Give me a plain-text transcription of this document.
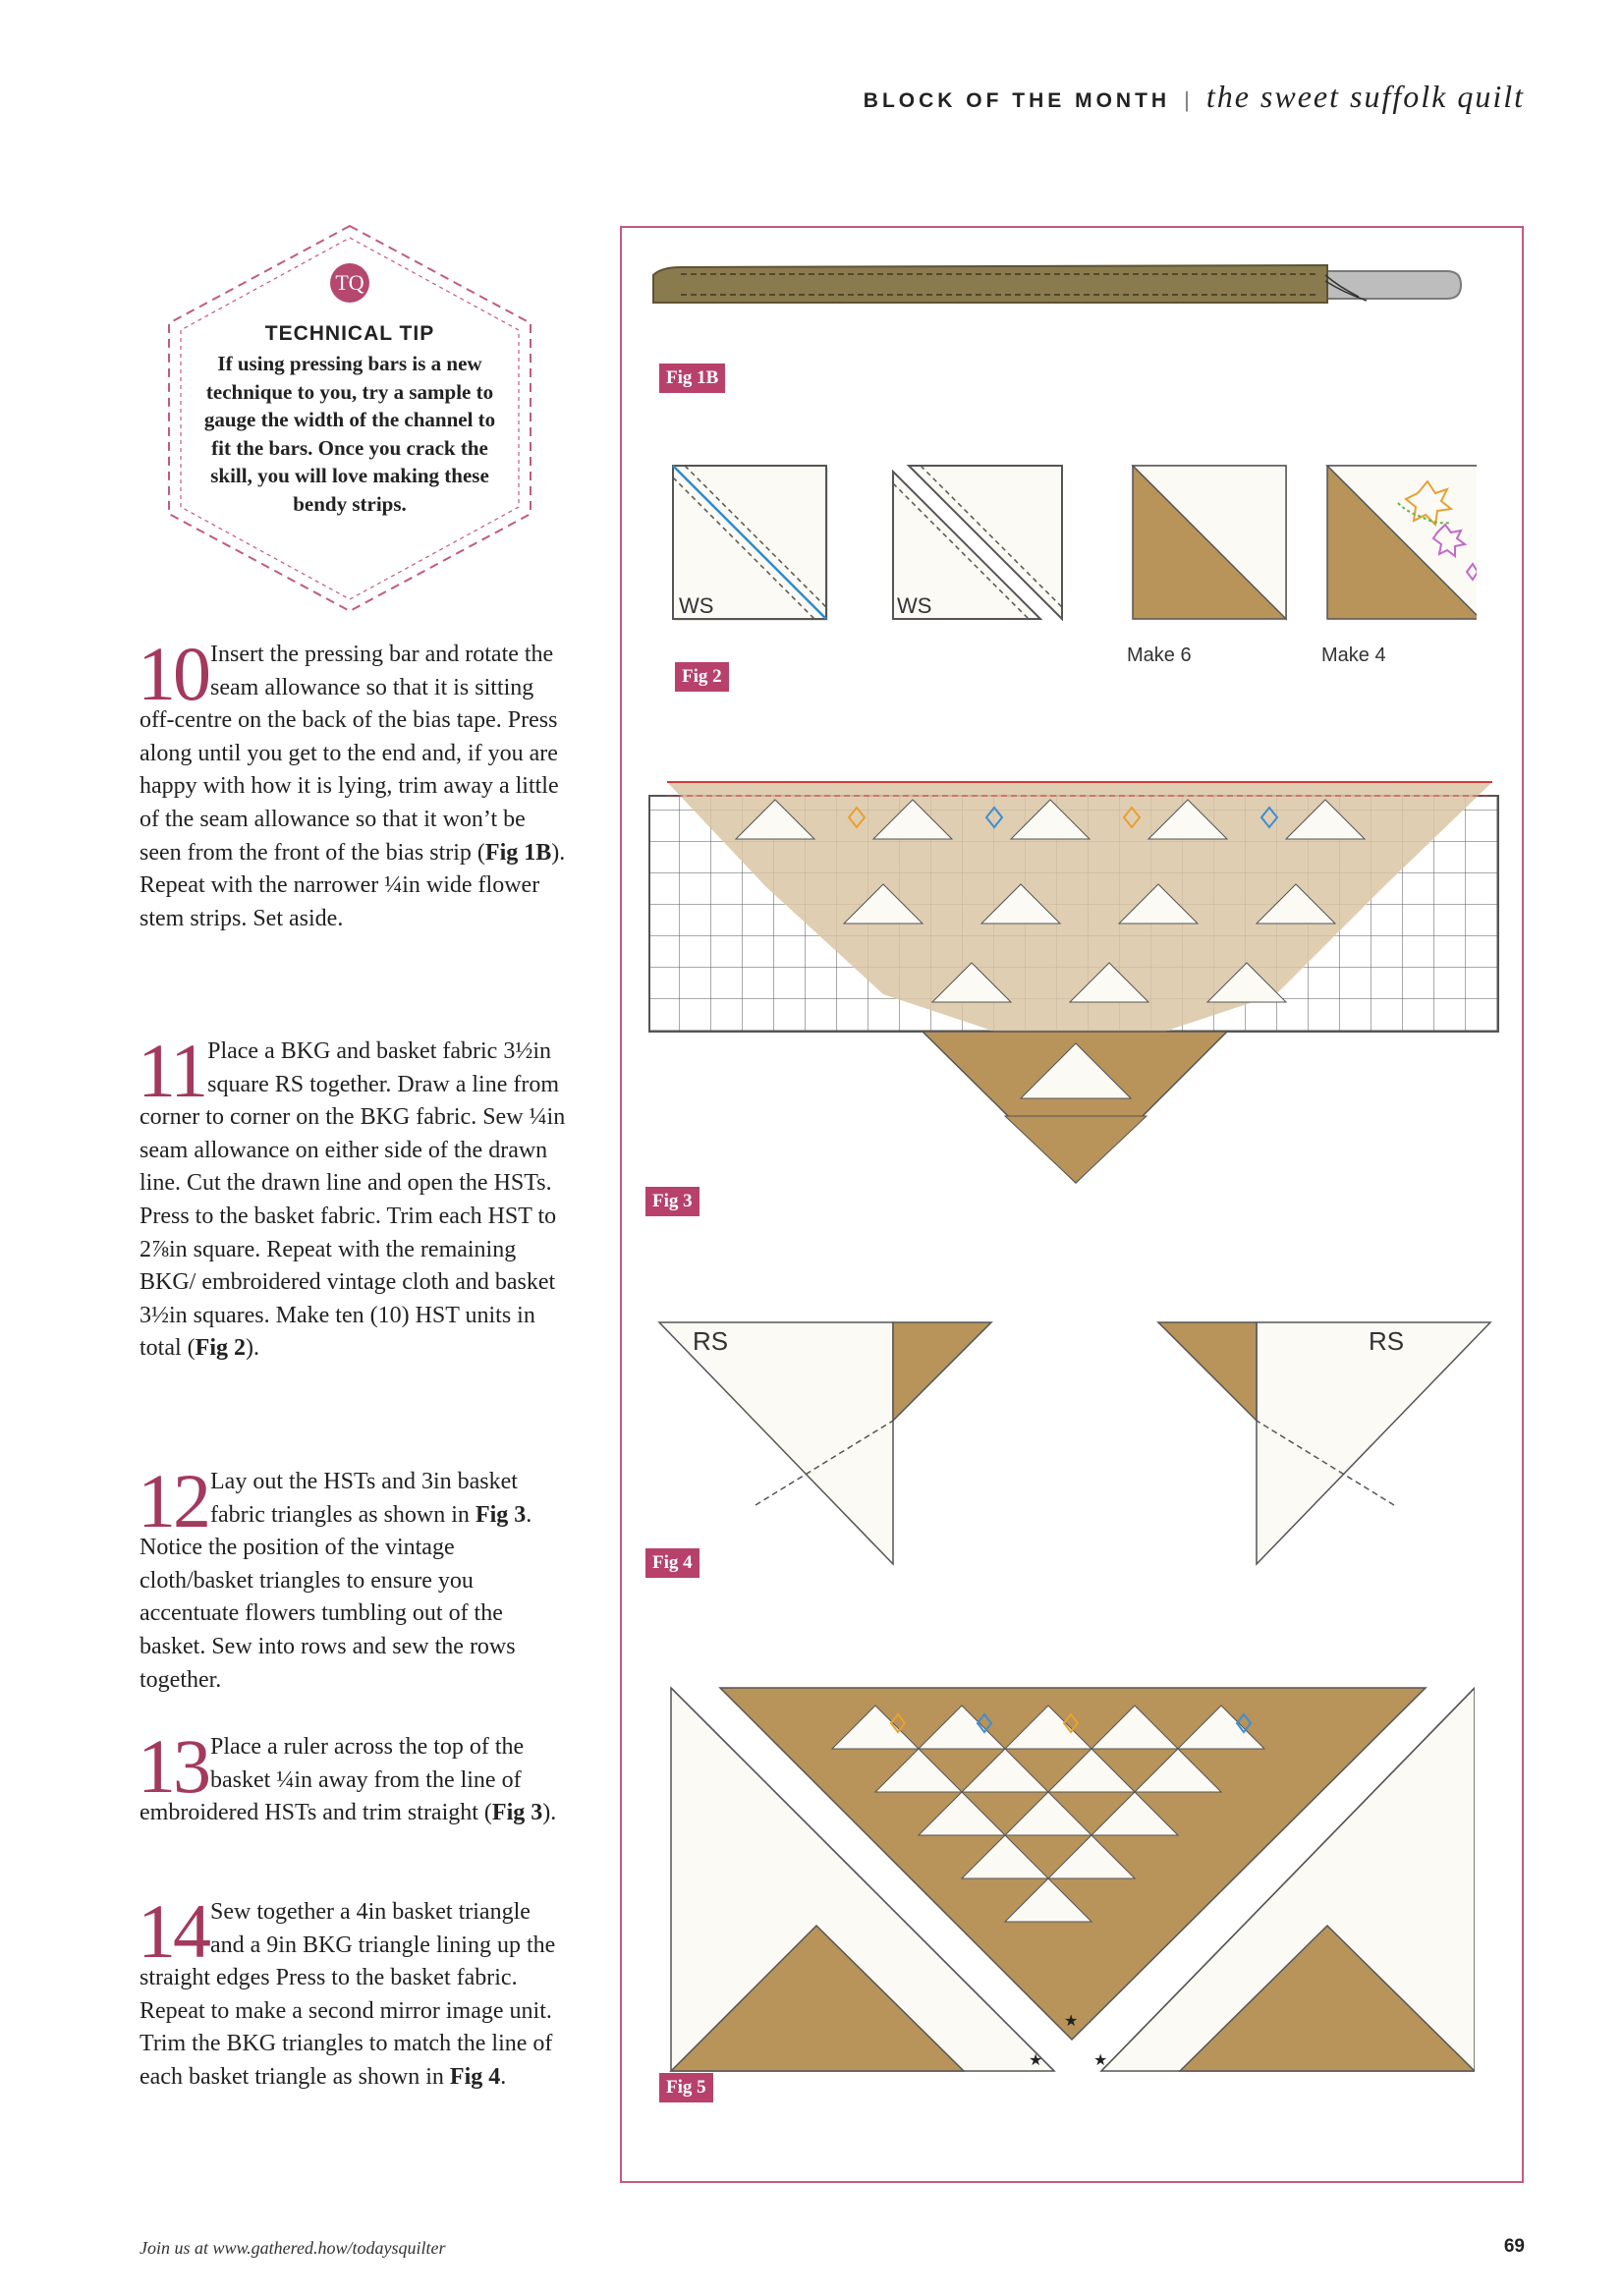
BLOCK OF THE MONTH | the sweet suffolk quilt
TQ
TECHNICAL TIP
If using pressing bars is a new technique to you, try a sample to gauge the width of the channel to fit the bars. Once you crack the skill, you will love making these bendy strips.

10 Insert the pressing bar and rotate the seam allowance so that it is sitting off-centre on the back of the bias tape. Press along until you get to the end and, if you are happy with how it is lying, trim away a little of the seam allowance so that it won’t be seen from the front of the bias strip (Fig 1B). Repeat with the narrower ¼in wide flower stem strips. Set aside.

11 Place a BKG and basket fabric 3½in square RS together. Draw a line from corner to corner on the BKG fabric. Sew ¼in seam allowance on either side of the drawn line. Cut the drawn line and open the HSTs. Press to the basket fabric. Trim each HST to 2⅞in square. Repeat with the remaining BKG/ embroidered vintage cloth and basket 3½in squares. Make ten (10) HST units in total (Fig 2).

12 Lay out the HSTs and 3in basket fabric triangles as shown in Fig 3. Notice the position of the vintage cloth/basket triangles to ensure you accentuate flowers tumbling out of the basket. Sew into rows and sew the rows together.

13 Place a ruler across the top of the basket ¼in away from the line of embroidered HSTs and trim straight (Fig 3).

14 Sew together a 4in basket triangle and a 9in BKG triangle lining up the straight edges Press to the basket fabric. Repeat to make a second mirror image unit. Trim the BKG triangles to match the line of each basket triangle as shown in Fig 4.

Fig 1B
WS	WS
Make 6	Make 4
Fig 2
Fig 3
RS	RS
Fig 4
★
★	★
Fig 5
Join us at www.gathered.how/todaysquilter	69
